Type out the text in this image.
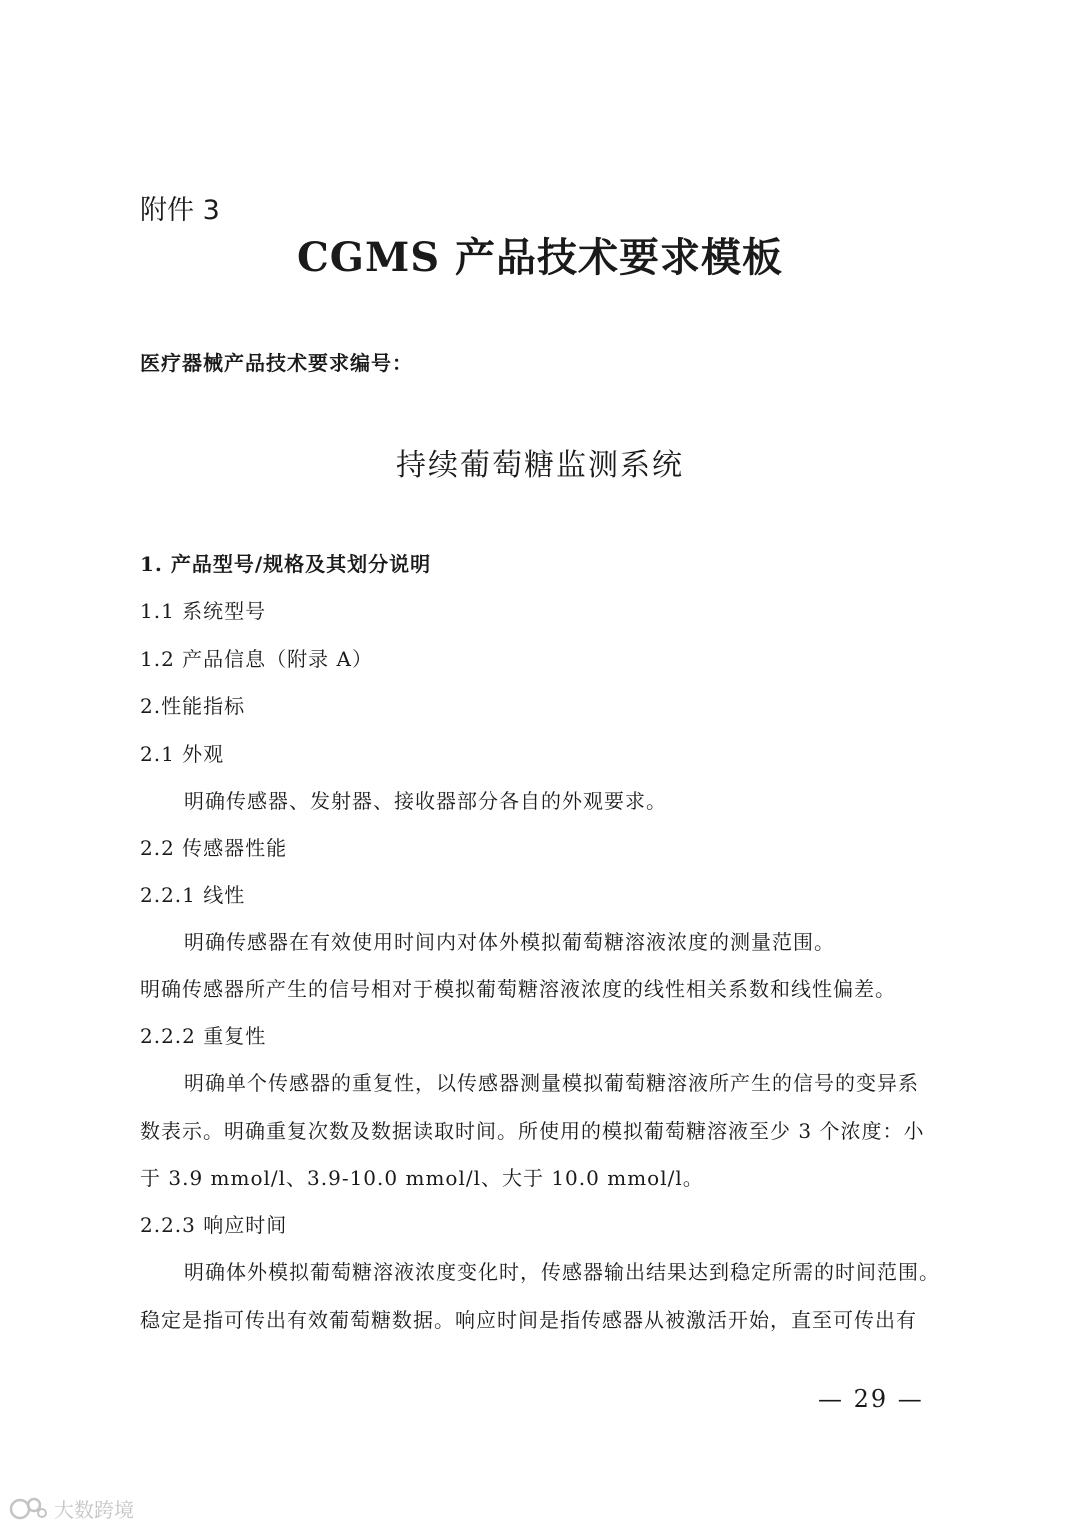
附件 3
CGMS 产品技术要求模板
医疗器械产品技术要求编号：
持续葡萄糖监测系统
1. 产品型号/规格及其划分说明
1.1 系统型号
1.2 产品信息（附录 A）
2.性能指标
2.1 外观
明确传感器、发射器、接收器部分各自的外观要求。
2.2 传感器性能
2.2.1 线性
明确传感器在有效使用时间内对体外模拟葡萄糖溶液浓度的测量范围。
明确传感器所产生的信号相对于模拟葡萄糖溶液浓度的线性相关系数和线性偏差。
2.2.2 重复性
明确单个传感器的重复性，以传感器测量模拟葡萄糖溶液所产生的信号的变异系
数表示。明确重复次数及数据读取时间。所使用的模拟葡萄糖溶液至少 3 个浓度：小
于 3.9 mmol/l、3.9-10.0 mmol/l、大于 10.0 mmol/l。
2.2.3 响应时间
明确体外模拟葡萄糖溶液浓度变化时，传感器输出结果达到稳定所需的时间范围。
稳定是指可传出有效葡萄糖数据。响应时间是指传感器从被激活开始，直至可传出有
— 29 —
大数跨境
